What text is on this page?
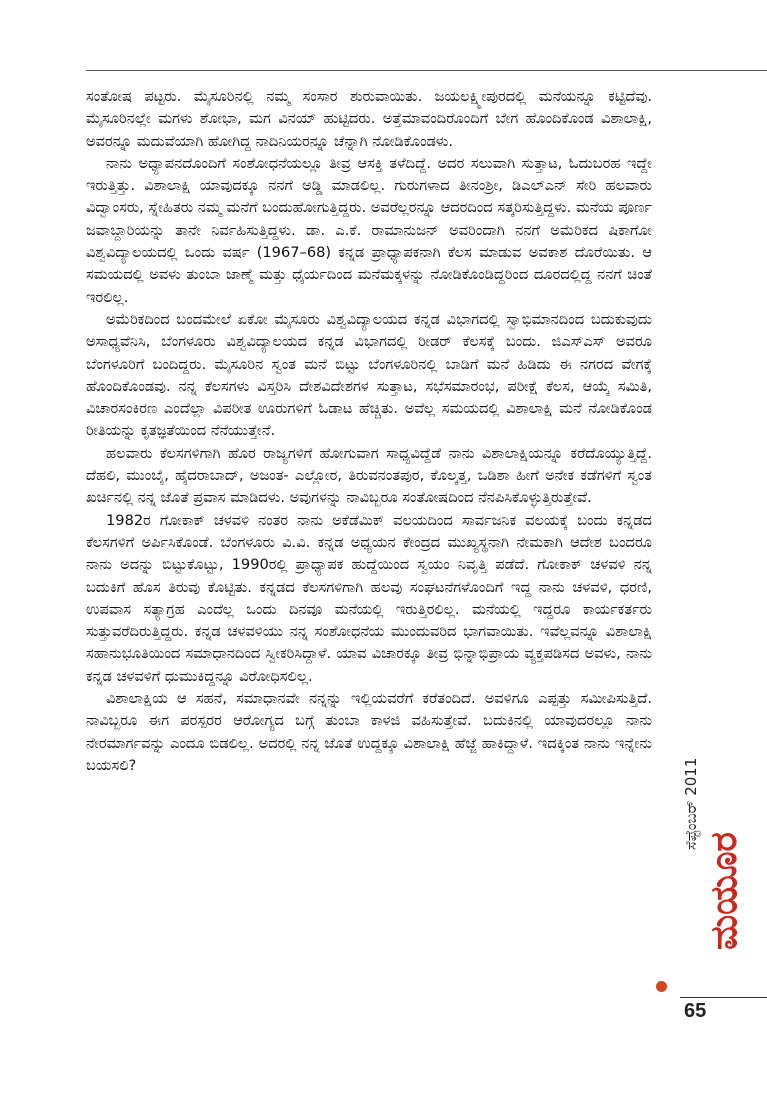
ಸಂತೋಷ ಪಟ್ಟರು. ಮೈಸೂರಿನಲ್ಲಿ ನಮ್ಮ ಸಂಸಾರ ಶುರುವಾಯಿತು. ಜಯಲಕ್ಷ್ಮೀಪುರದಲ್ಲಿ ಮನೆಯನ್ನೂ ಕಟ್ಟಿದೆವು. ಮೈಸೂರಿನಲ್ಲೇ ಮಗಳು ಶೋಭಾ, ಮಗ ವಿನಯ್ ಹುಟ್ಟಿದರು. ಅತ್ತೆಮಾವಂದಿರೊಂದಿಗೆ ಬೇಗ ಹೊಂದಿಕೊಂಡ ವಿಶಾಲಾಕ್ಷಿ, ಅವರನ್ನೂ ಮದುವೆಯಾಗಿ ಹೋಗಿದ್ದ ನಾದಿನಿಯರನ್ನೂ ಚೆನ್ನಾಗಿ ನೋಡಿಕೊಂಡಳು.

ನಾನು ಅಧ್ಯಾಪನದೊಂದಿಗೆ ಸಂಶೋಧನೆಯಲ್ಲೂ ತೀವ್ರ ಆಸಕ್ತಿ ತಳೆದಿದ್ದೆ. ಅದರ ಸಲುವಾಗಿ ಸುತ್ತಾಟ, ಓದುಬರಹ ಇದ್ದೇ ಇರುತ್ತಿತ್ತು. ವಿಶಾಲಾಕ್ಷಿ ಯಾವುದಕ್ಕೂ ನನಗೆ ಅಡ್ಡಿ ಮಾಡಲಿಲ್ಲ. ಗುರುಗಳಾದ ತೀನಂಶ್ರೀ, ಡಿಎಲ್‌ಎನ್ ಸೇರಿ ಹಲವಾರು ವಿದ್ವಾಂಸರು, ಸ್ನೇಹಿತರು ನಮ್ಮ ಮನೆಗೆ ಬಂದುಹೋಗುತ್ತಿದ್ದರು. ಅವರೆಲ್ಲರನ್ನೂ ಆದರದಿಂದ ಸತ್ಕರಿಸುತ್ತಿದ್ದಳು. ಮನೆಯ ಪೂರ್ಣ ಜವಾಬ್ದಾರಿಯನ್ನು ತಾನೇ ನಿರ್ವಹಿಸುತ್ತಿದ್ದಳು. ಡಾ. ಎ.ಕೆ. ರಾಮಾನುಜನ್ ಅವರಿಂದಾಗಿ ನನಗೆ ಅಮೆರಿಕದ ಷಿಕಾಗೋ ವಿಶ್ವವಿದ್ಯಾಲಯದಲ್ಲಿ ಒಂದು ವರ್ಷ (1967–68) ಕನ್ನಡ ಪ್ರಾಧ್ಯಾಪಕನಾಗಿ ಕೆಲಸ ಮಾಡುವ ಅವಕಾಶ ದೊರೆಯಿತು. ಆ ಸಮಯದಲ್ಲಿ ಅವಳು ತುಂಬಾ ಜಾಣ್ಮೆ ಮತ್ತು ಧೈರ್ಯದಿಂದ ಮನೆಮಕ್ಕಳನ್ನು ನೋಡಿಕೊಂಡಿದ್ದರಿಂದ ದೂರದಲ್ಲಿದ್ದ ನನಗೆ ಚಿಂತೆ ಇರಲಿಲ್ಲ.

ಅಮೆರಿಕದಿಂದ ಬಂದಮೇಲೆ ಏಕೋ ಮೈಸೂರು ವಿಶ್ವವಿದ್ಯಾಲಯದ ಕನ್ನಡ ವಿಭಾಗದಲ್ಲಿ ಸ್ವಾಭಿಮಾನದಿಂದ ಬದುಕುವುದು ಅಸಾಧ್ಯವೆನಿಸಿ, ಬೆಂಗಳೂರು ವಿಶ್ವವಿದ್ಯಾಲಯದ ಕನ್ನಡ ವಿಭಾಗದಲ್ಲಿ ರೀಡರ್ ಕೆಲಸಕ್ಕೆ ಬಂದು. ಜಿಎಸ್‌ಎಸ್ ಅವರೂ ಬೆಂಗಳೂರಿಗೆ ಬಂದಿದ್ದರು. ಮೈಸೂರಿನ ಸ್ವಂತ ಮನೆ ಬಿಟ್ಟು ಬೆಂಗಳೂರಿನಲ್ಲಿ ಬಾಡಿಗೆ ಮನೆ ಹಿಡಿದು ಈ ನಗರದ ವೇಗಕ್ಕೆ ಹೊಂದಿಕೊಂಡವು. ನನ್ನ ಕೆಲಸಗಳು ವಿಸ್ತರಿಸಿ ದೇಶವಿದೇಶಗಳ ಸುತ್ತಾಟ, ಸಭೆಸಮಾರಂಭ, ಪರೀಕ್ಷೆ ಕೆಲಸ, ಆಯ್ಕೆ ಸಮಿತಿ, ವಿಚಾರಸಂಕಿರಣ ಎಂದೆಲ್ಲಾ ವಿಪರೀತ ಊರುಗಳಿಗೆ ಓಡಾಟ ಹೆಚ್ಚಿತು. ಅವೆಲ್ಲ ಸಮಯದಲ್ಲಿ ವಿಶಾಲಾಕ್ಷಿ ಮನೆ ನೋಡಿಕೊಂಡ ರೀತಿಯನ್ನು ಕೃತಜ್ಞತೆಯಿಂದ ನೆನೆಯುತ್ತೇನೆ.

ಹಲವಾರು ಕೆಲಸಗಳಿಗಾಗಿ ಹೊರ ರಾಜ್ಯಗಳಿಗೆ ಹೋಗುವಾಗ ಸಾಧ್ಯವಿದ್ದೆಡೆ ನಾನು ವಿಶಾಲಾಕ್ಷಿಯನ್ನೂ ಕರೆದೊಯ್ಯುತ್ತಿದ್ದೆ. ದೆಹಲಿ, ಮುಂಬೈ, ಹೈದರಾಬಾದ್, ಅಜಂತ- ಎಲ್ಲೋರ, ತಿರುವನಂತಪುರ, ಕೊಲ್ಕತ್ತ, ಒಡಿಶಾ ಹೀಗೆ ಅನೇಕ ಕಡೆಗಳಿಗೆ ಸ್ವಂತ ಖರ್ಚಿನಲ್ಲಿ ನನ್ನ ಜೊತೆ ಪ್ರವಾಸ ಮಾಡಿದಳು. ಅವುಗಳನ್ನು ನಾವಿಬ್ಬರೂ ಸಂತೋಷದಿಂದ ನೆನಪಿಸಿಕೊಳ್ಳುತ್ತಿರುತ್ತೇವೆ.

1982ರ ಗೋಕಾಕ್ ಚಳವಳಿ ನಂತರ ನಾನು ಅಕೆಡೆಮಿಕ್ ವಲಯದಿಂದ ಸಾರ್ವಜನಿಕ ವಲಯಕ್ಕೆ ಬಂದು ಕನ್ನಡದ ಕೆಲಸಗಳಿಗೆ ಅರ್ಪಿಸಿಕೊಂಡೆ. ಬೆಂಗಳೂರು ವಿ.ವಿ. ಕನ್ನಡ ಅಧ್ಯಯನ ಕೇಂದ್ರದ ಮುಖ್ಯಸ್ಥನಾಗಿ ನೇಮಕಾಗಿ ಆದೇಶ ಬಂದರೂ ನಾನು ಅದನ್ನು ಬಿಟ್ಟುಕೊಟ್ಟು, 1990ರಲ್ಲಿ ಪ್ರಾಧ್ಯಾಪಕ ಹುದ್ದೆಯಿಂದ ಸ್ವಯಂ ನಿವೃತ್ತಿ ಪಡೆದೆ. ಗೋಕಾಕ್ ಚಳವಳಿ ನನ್ನ ಬದುಕಿಗೆ ಹೊಸ ತಿರುವು ಕೊಟ್ಟಿತು. ಕನ್ನಡದ ಕೆಲಸಗಳಿಗಾಗಿ ಹಲವು ಸಂಘಟನೆಗಳೊಂದಿಗೆ ಇದ್ದ ನಾನು ಚಳವಳಿ, ಧರಣಿ, ಉಪವಾಸ ಸತ್ಯಾಗ್ರಹ ಎಂದೆಲ್ಲ ಒಂದು ದಿನವೂ ಮನೆಯಲ್ಲಿ ಇರುತ್ತಿರಲಿಲ್ಲ. ಮನೆಯಲ್ಲಿ ಇದ್ದರೂ ಕಾರ್ಯಕರ್ತರು ಸುತ್ತುವರೆದಿರುತ್ತಿದ್ದರು. ಕನ್ನಡ ಚಳವಳಿಯು ನನ್ನ ಸಂಶೋಧನೆಯ ಮುಂದುವರಿದ ಭಾಗವಾಯಿತು. ಇವೆಲ್ಲವನ್ನೂ ವಿಶಾಲಾಕ್ಷಿ ಸಹಾನುಭೂತಿಯಿಂದ ಸಮಾಧಾನದಿಂದ ಸ್ವೀಕರಿಸಿದ್ದಾಳೆ. ಯಾವ ವಿಚಾರಕ್ಕೂ ತೀವ್ರ ಭಿನ್ನಾಭಿಪ್ರಾಯ ವ್ಯಕ್ತಪಡಿಸದ ಅವಳು, ನಾನು ಕನ್ನಡ ಚಳವಳಿಗೆ ಧುಮುಕಿದ್ದನ್ನೂ ವಿರೋಧಿಸಲಿಲ್ಲ.

ವಿಶಾಲಾಕ್ಷಿಯ ಆ ಸಹನೆ, ಸಮಾಧಾನವೇ ನನ್ನನ್ನು ಇಲ್ಲಿಯವರೆಗೆ ಕರೆತಂದಿದೆ. ಅವಳಿಗೂ ಎಪ್ಪತ್ತು ಸಮೀಪಿಸುತ್ತಿದೆ. ನಾವಿಬ್ಬರೂ ಈಗ ಪರಸ್ಪರರ ಆರೋಗ್ಯದ ಬಗ್ಗೆ ತುಂಬಾ ಕಾಳಜಿ ವಹಿಸುತ್ತೇವೆ. ಬದುಕಿನಲ್ಲಿ ಯಾವುದರಲ್ಲೂ ನಾನು ನೇರಮಾರ್ಗವನ್ನು ಎಂದೂ ಬಿಡಲಿಲ್ಲ. ಅದರಲ್ಲಿ ನನ್ನ ಜೊತೆ ಉದ್ದಕ್ಕೂ ವಿಶಾಲಾಕ್ಷಿ ಹೆಜ್ಜೆ ಹಾಕಿದ್ದಾಳೆ. ಇದಕ್ಕಿಂತ ನಾನು ಇನ್ನೇನು ಬಯಸಲಿ?

ಮಯೂರ
ಸೆಪ್ಟೆಂಬರ್ 2011
65
